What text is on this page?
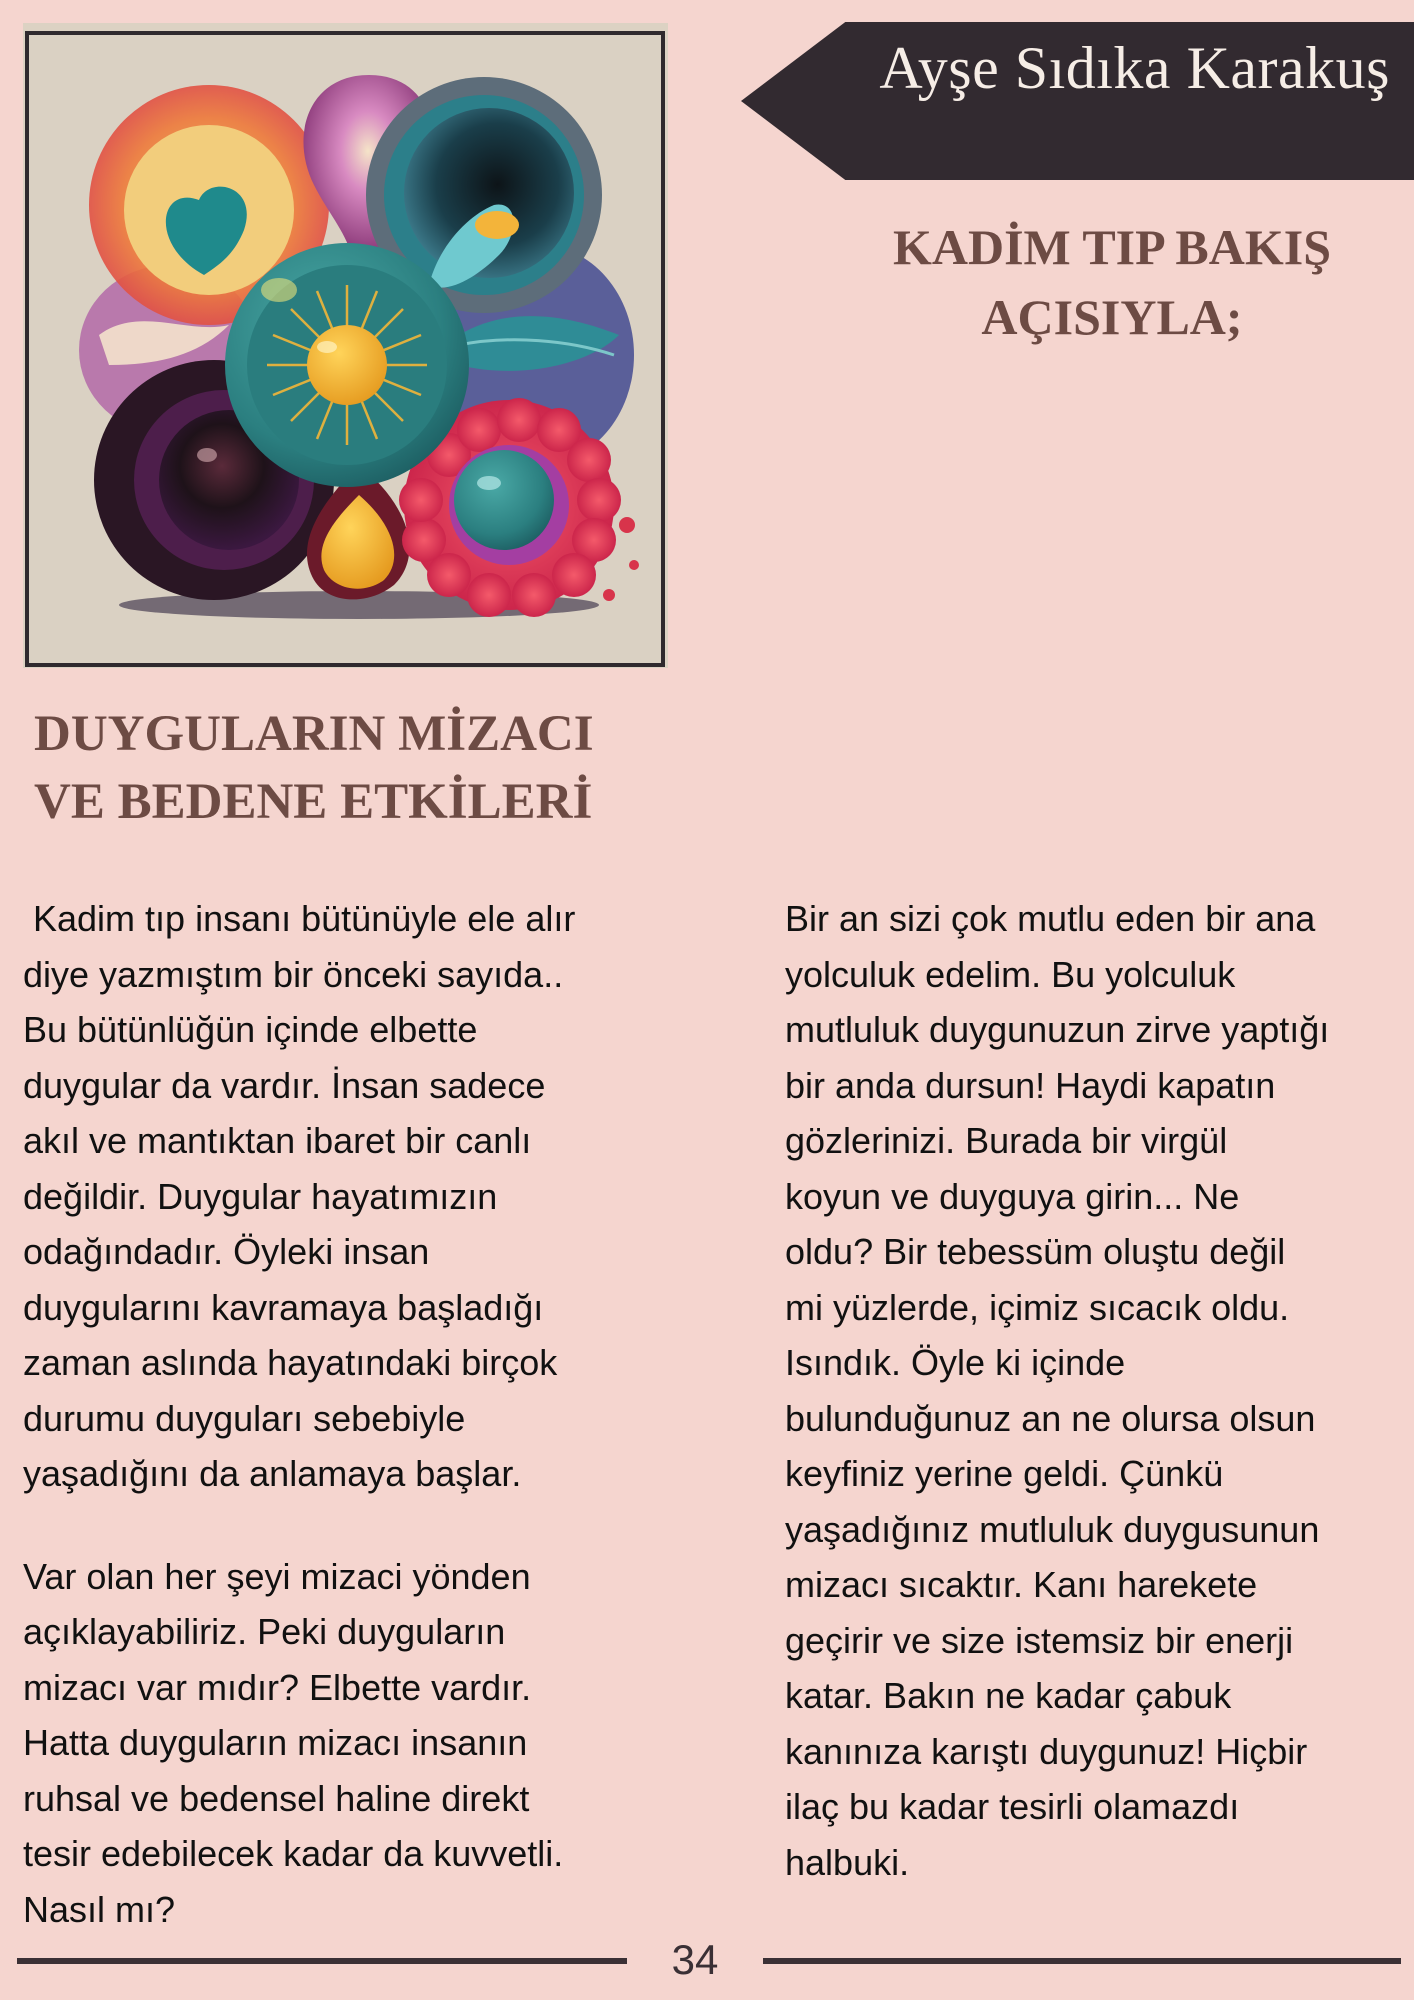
Ayşe Sıdıka Karakuş
KADİM TIP BAKIŞ
AÇISIYLA;
DUYGULARIN MİZACI
VE BEDENE ETKİLERİ

Kadim tıp insanı bütünüyle ele alır
diye yazmıştım bir önceki sayıda..
Bu bütünlüğün içinde elbette
duygular da vardır. İnsan sadece
akıl ve mantıktan ibaret bir canlı
değildir. Duygular hayatımızın
odağındadır. Öyleki insan
duygularını kavramaya başladığı
zaman aslında hayatındaki birçok
durumu duyguları sebebiyle
yaşadığını da anlamaya başlar.

Var olan her şeyi mizaci yönden
açıklayabiliriz. Peki duyguların
mizacı var mıdır? Elbette vardır.
Hatta duyguların mizacı insanın
ruhsal ve bedensel haline direkt
tesir edebilecek kadar da kuvvetli.
Nasıl mı?

Bir an sizi çok mutlu eden bir ana
yolculuk edelim. Bu yolculuk
mutluluk duygunuzun zirve yaptığı
bir anda dursun! Haydi kapatın
gözlerinizi. Burada bir virgül
koyun ve duyguya girin... Ne
oldu? Bir tebessüm oluştu değil
mi yüzlerde, içimiz sıcacık oldu.
Isındık. Öyle ki içinde
bulunduğunuz an ne olursa olsun
keyfiniz yerine geldi. Çünkü
yaşadığınız mutluluk duygusunun
mizacı sıcaktır. Kanı harekete
geçirir ve size istemsiz bir enerji
katar. Bakın ne kadar çabuk
kanınıza karıştı duygunuz! Hiçbir
ilaç bu kadar tesirli olamazdı
halbuki.

34
